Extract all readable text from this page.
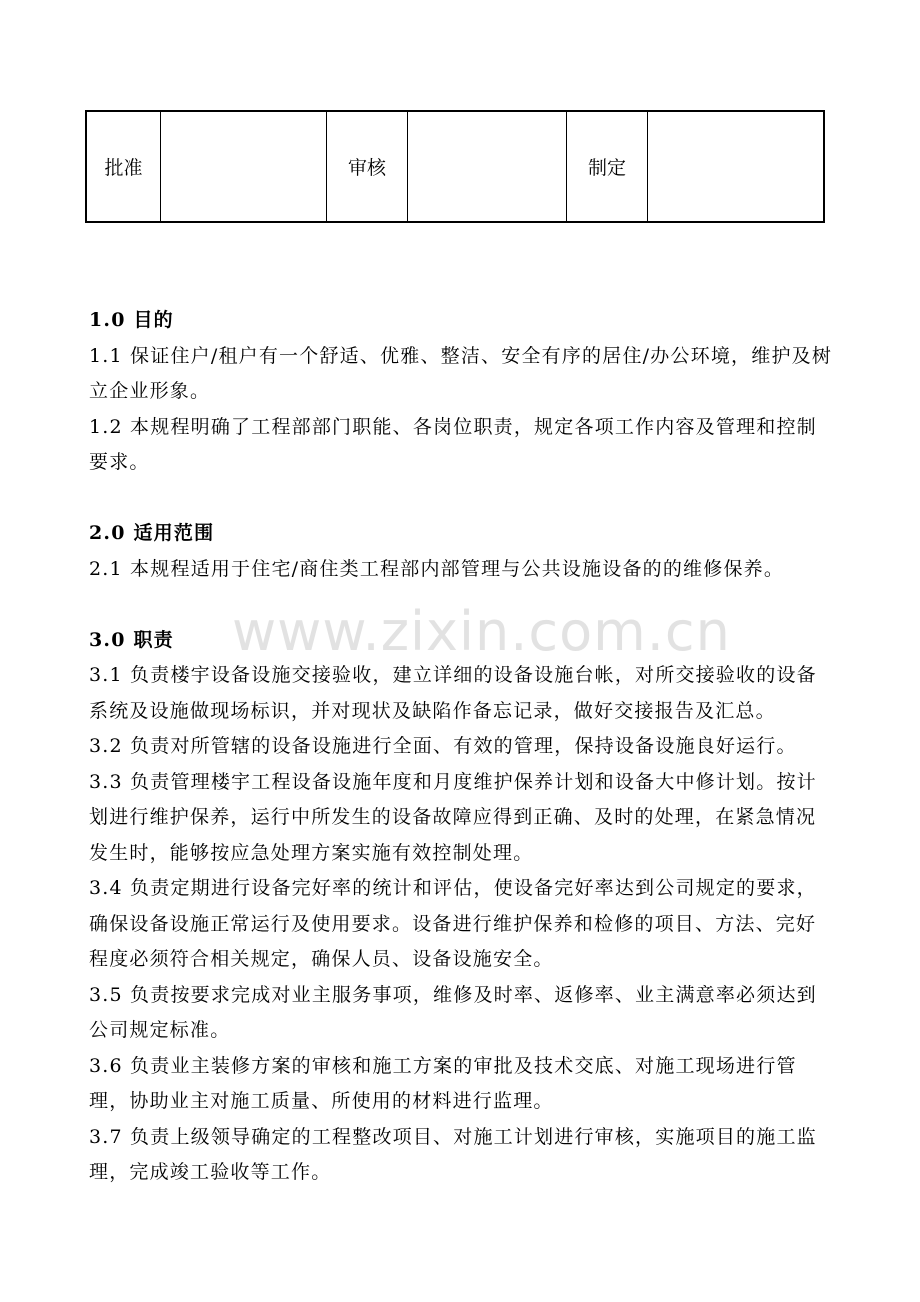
批准		审核		制定	

1.0 目的

1.1 保证住户/租户有一个舒适、优雅、整洁、安全有序的居住/办公环境，维护及树立企业形象。

1.2 本规程明确了工程部部门职能、各岗位职责，规定各项工作内容及管理和控制要求。

2.0 适用范围

2.1 本规程适用于住宅/商住类工程部内部管理与公共设施设备的的维修保养。

3.0 职责

3.1 负责楼宇设备设施交接验收，建立详细的设备设施台帐，对所交接验收的设备系统及设施做现场标识，并对现状及缺陷作备忘记录，做好交接报告及汇总。

3.2 负责对所管辖的设备设施进行全面、有效的管理，保持设备设施良好运行。

3.3 负责管理楼宇工程设备设施年度和月度维护保养计划和设备大中修计划。按计划进行维护保养，运行中所发生的设备故障应得到正确、及时的处理，在紧急情况发生时，能够按应急处理方案实施有效控制处理。

3.4 负责定期进行设备完好率的统计和评估，使设备完好率达到公司规定的要求，确保设备设施正常运行及使用要求。设备进行维护保养和检修的项目、方法、完好程度必须符合相关规定，确保人员、设备设施安全。

3.5 负责按要求完成对业主服务事项，维修及时率、返修率、业主满意率必须达到公司规定标准。

3.6 负责业主装修方案的审核和施工方案的审批及技术交底、对施工现场进行管理，协助业主对施工质量、所使用的材料进行监理。

3.7 负责上级领导确定的工程整改项目、对施工计划进行审核，实施项目的施工监理，完成竣工验收等工作。

www.zixin.com.cn
